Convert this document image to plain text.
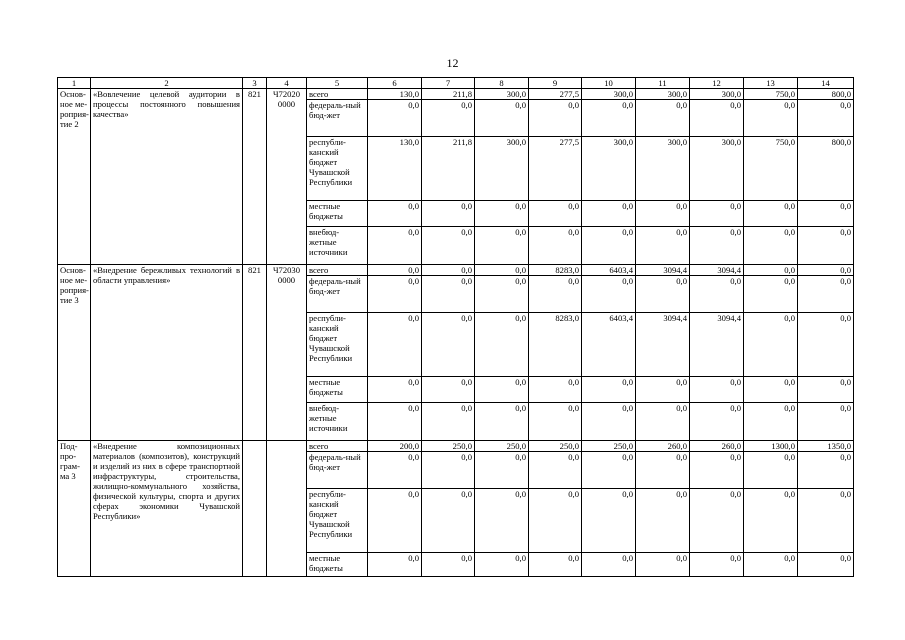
12
1	2	3	4	5	6	7	8	9	10	11	12	13	14
Основ-ное ме-роприя-тие 2	«Вовлечение целевой аудитории в процессы постоянного повышения качества»	821	Ч72020 0000	всего	130,0	211,8	300,0	277,5	300,0	300,0	300,0	750,0	800,0
				федераль-ный бюд-жет	0,0	0,0	0,0	0,0	0,0	0,0	0,0	0,0	0,0
				республи-канский бюджет Чувашской Республики	130,0	211,8	300,0	277,5	300,0	300,0	300,0	750,0	800,0
				местные бюджеты	0,0	0,0	0,0	0,0	0,0	0,0	0,0	0,0	0,0
				внебюд-жетные источники	0,0	0,0	0,0	0,0	0,0	0,0	0,0	0,0	0,0
Основ-ное ме-роприя-тие 3	«Внедрение бережливых технологий в области управления»	821	Ч72030 0000	всего	0,0	0,0	0,0	8283,0	6403,4	3094,4	3094,4	0,0	0,0
				федераль-ный бюд-жет	0,0	0,0	0,0	0,0	0,0	0,0	0,0	0,0	0,0
				республи-канский бюджет Чувашской Республики	0,0	0,0	0,0	8283,0	6403,4	3094,4	3094,4	0,0	0,0
				местные бюджеты	0,0	0,0	0,0	0,0	0,0	0,0	0,0	0,0	0,0
				внебюд-жетные источники	0,0	0,0	0,0	0,0	0,0	0,0	0,0	0,0	0,0
Под-про-грам-ма 3	«Внедрение композиционных материалов (композитов), конструкций и изделий из них в сфере транспортной инфраструктуры, строительства, жилищно-коммунального хозяйства, физической культуры, спорта и других сферах экономики Чувашской Республики»			всего	200,0	250,0	250,0	250,0	250,0	260,0	260,0	1300,0	1350,0
				федераль-ный бюд-жет	0,0	0,0	0,0	0,0	0,0	0,0	0,0	0,0	0,0
				республи-канский бюджет Чувашской Республики	0,0	0,0	0,0	0,0	0,0	0,0	0,0	0,0	0,0
				местные бюджеты	0,0	0,0	0,0	0,0	0,0	0,0	0,0	0,0	0,0
